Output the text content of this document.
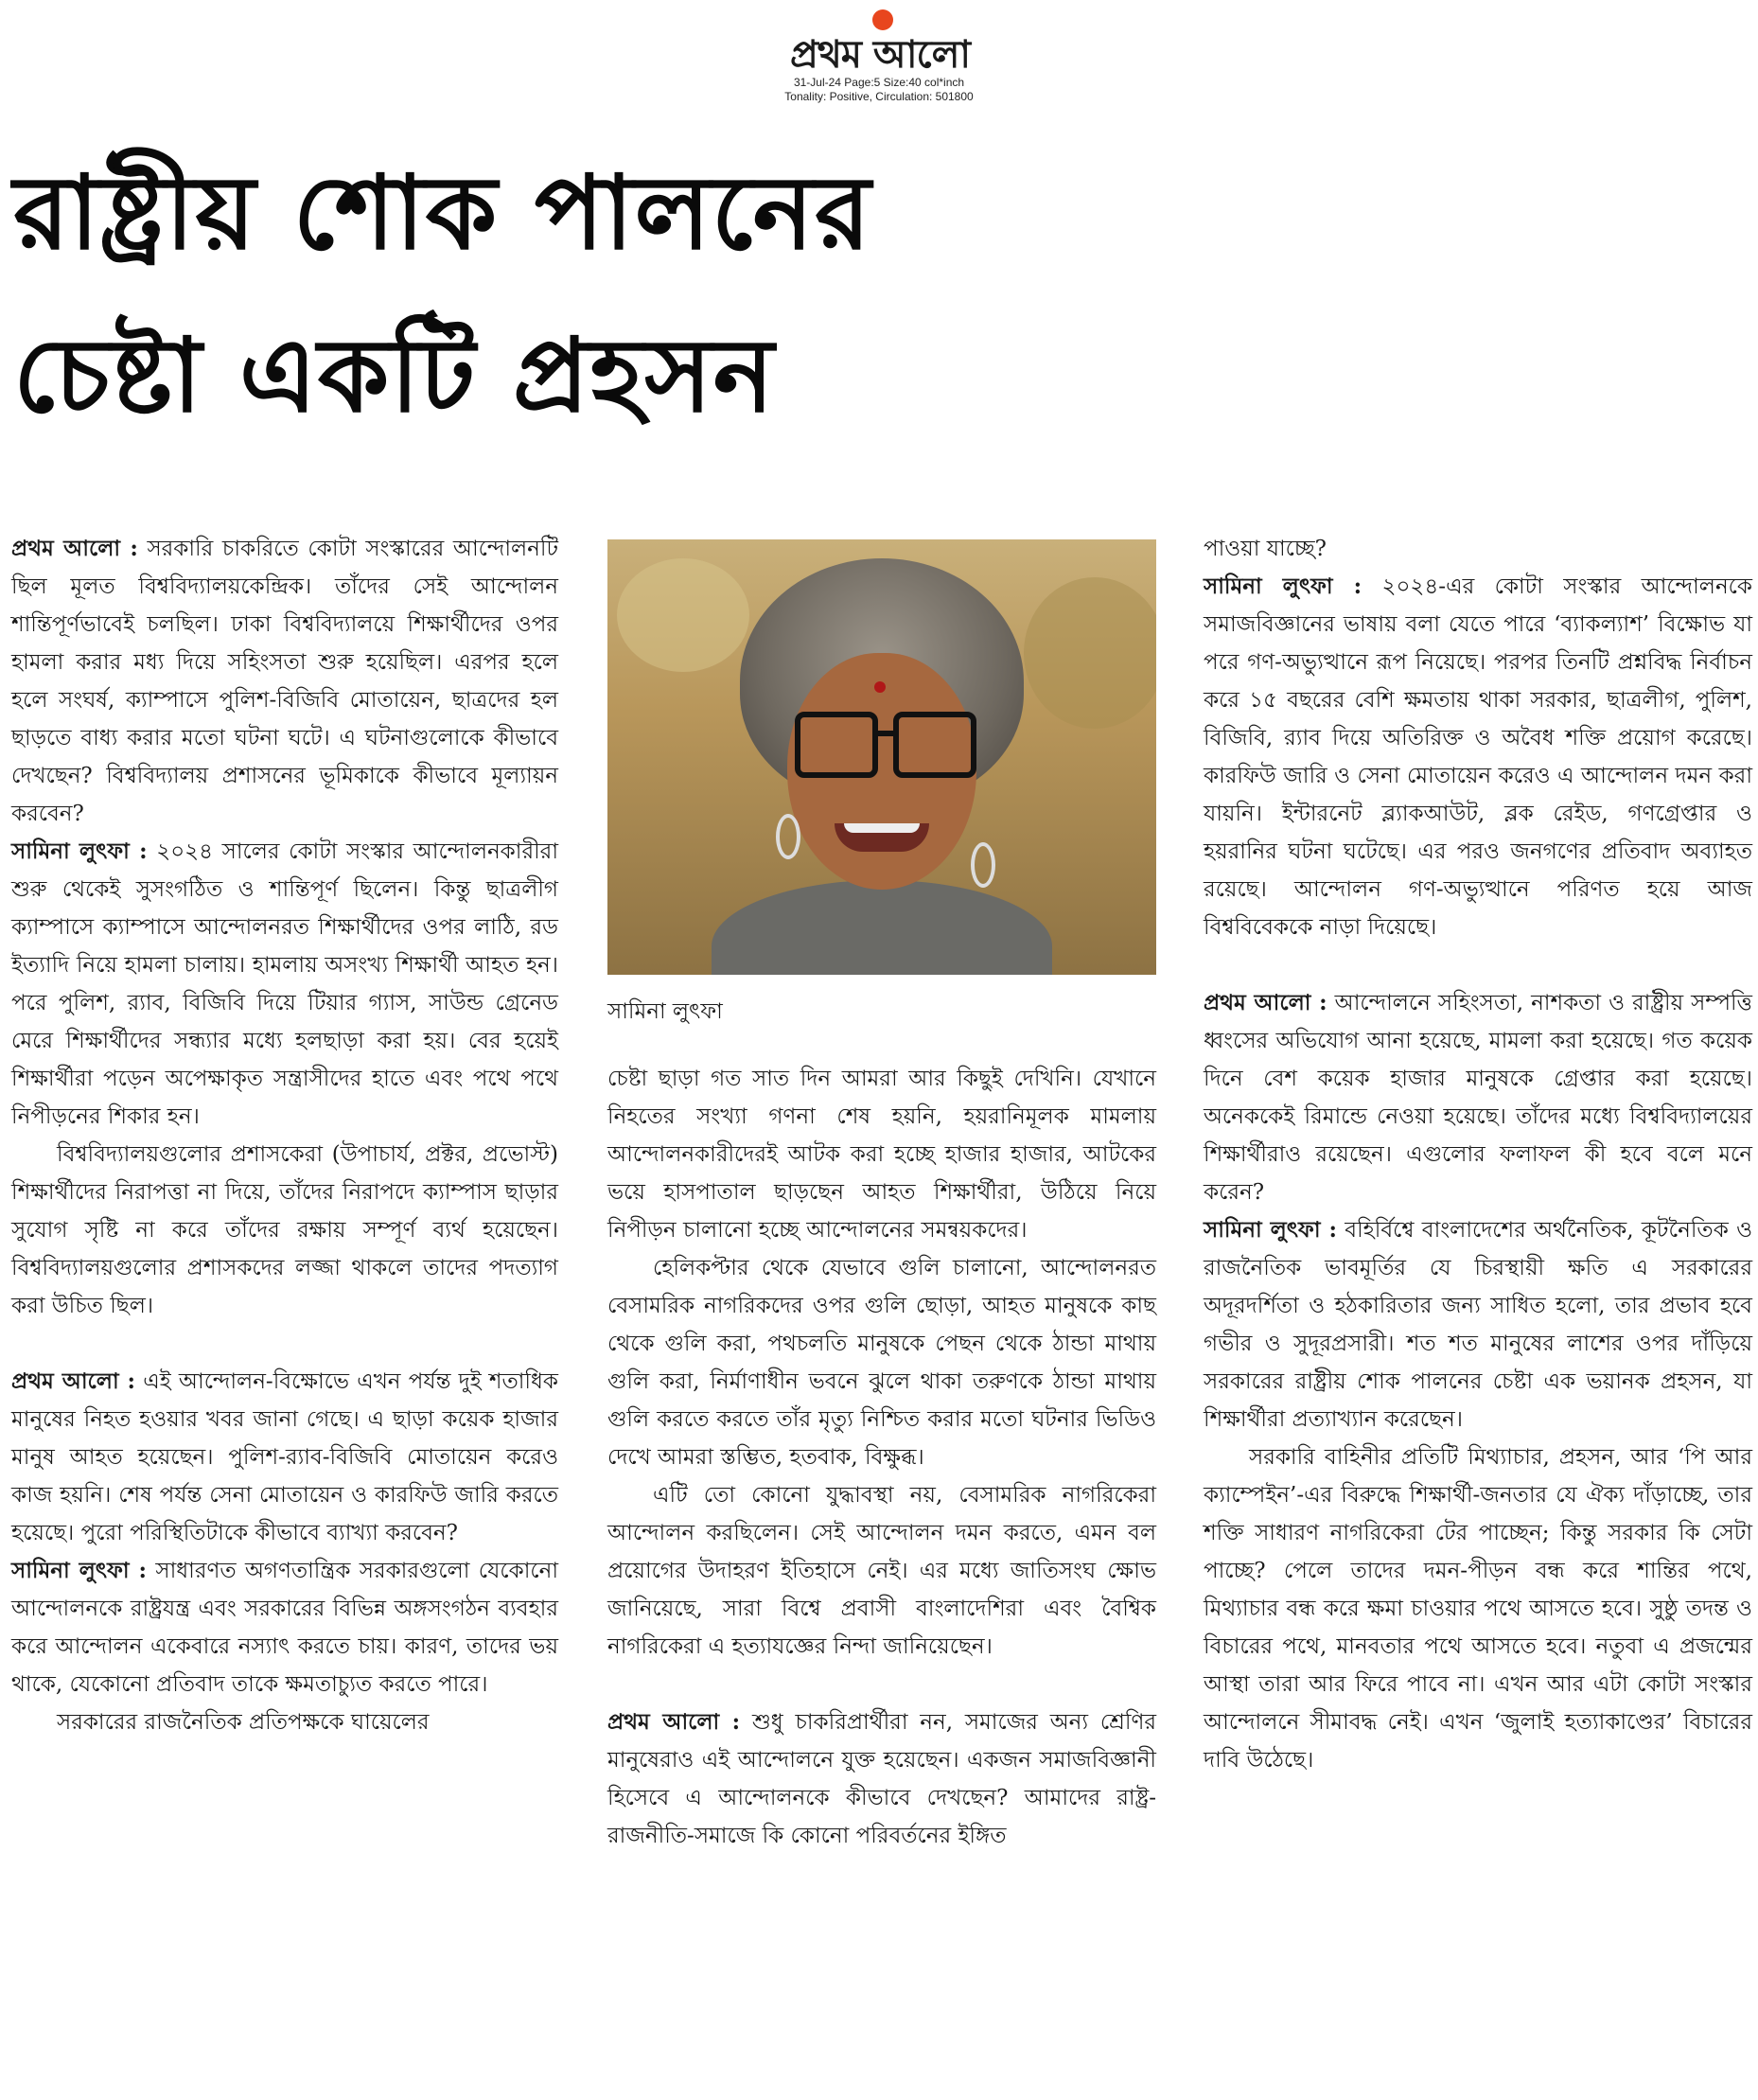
প্রথম আলো
31-Jul-24 Page:5 Size:40 col*inch
Tonality: Positive, Circulation: 501800
রাষ্ট্রীয় শোক পালনের
চেষ্টা একটি প্রহসন

প্রথম আলো : সরকারি চাকরিতে কোটা সংস্কারের আন্দোলনটি ছিল মূলত বিশ্ববিদ্যালয়কেন্দ্রিক। তাঁদের সেই আন্দোলন শান্তিপূর্ণভাবেই চলছিল। ঢাকা বিশ্ববিদ্যালয়ে শিক্ষার্থীদের ওপর হামলা করার মধ্য দিয়ে সহিংসতা শুরু হয়েছিল। এরপর হলে হলে সংঘর্ষ, ক্যাম্পাসে পুলিশ-বিজিবি মোতায়েন, ছাত্রদের হল ছাড়তে বাধ্য করার মতো ঘটনা ঘটে। এ ঘটনাগুলোকে কীভাবে দেখছেন? বিশ্ববিদ্যালয় প্রশাসনের ভূমিকাকে কীভাবে মূল্যায়ন করবেন?

সামিনা লুৎফা : ২০২৪ সালের কোটা সংস্কার আন্দোলনকারীরা শুরু থেকেই সুসংগঠিত ও শান্তিপূর্ণ ছিলেন। কিন্তু ছাত্রলীগ ক্যাম্পাসে ক্যাম্পাসে আন্দোলনরত শিক্ষার্থীদের ওপর লাঠি, রড ইত্যাদি নিয়ে হামলা চালায়। হামলায় অসংখ্য শিক্ষার্থী আহত হন। পরে পুলিশ, র‍্যাব, বিজিবি দিয়ে টিয়ার গ্যাস, সাউন্ড গ্রেনেড মেরে শিক্ষার্থীদের সন্ধ্যার মধ্যে হলছাড়া করা হয়। বের হয়েই শিক্ষার্থীরা পড়েন অপেক্ষাকৃত সন্ত্রাসীদের হাতে এবং পথে পথে নিপীড়নের শিকার হন।

বিশ্ববিদ্যালয়গুলোর প্রশাসকেরা (উপাচার্য, প্রক্টর, প্রভোস্ট) শিক্ষার্থীদের নিরাপত্তা না দিয়ে, তাঁদের নিরাপদে ক্যাম্পাস ছাড়ার সুযোগ সৃষ্টি না করে তাঁদের রক্ষায় সম্পূর্ণ ব্যর্থ হয়েছেন। বিশ্ববিদ্যালয়গুলোর প্রশাসকদের লজ্জা থাকলে তাদের পদত্যাগ করা উচিত ছিল।

প্রথম আলো : এই আন্দোলন-বিক্ষোভে এখন পর্যন্ত দুই শতাধিক মানুষের নিহত হওয়ার খবর জানা গেছে। এ ছাড়া কয়েক হাজার মানুষ আহত হয়েছেন। পুলিশ-র‍্যাব-বিজিবি মোতায়েন করেও কাজ হয়নি। শেষ পর্যন্ত সেনা মোতায়েন ও কারফিউ জারি করতে হয়েছে। পুরো পরিস্থিতিটাকে কীভাবে ব্যাখ্যা করবেন?

সামিনা লুৎফা : সাধারণত অগণতান্ত্রিক সরকারগুলো যেকোনো আন্দোলনকে রাষ্ট্রযন্ত্র এবং সরকারের বিভিন্ন অঙ্গসংগঠন ব্যবহার করে আন্দোলন একেবারে নস্যাৎ করতে চায়। কারণ, তাদের ভয় থাকে, যেকোনো প্রতিবাদ তাকে ক্ষমতাচ্যুত করতে পারে।

সরকারের রাজনৈতিক প্রতিপক্ষকে ঘায়েলের

সামিনা লুৎফা

চেষ্টা ছাড়া গত সাত দিন আমরা আর কিছুই দেখিনি। যেখানে নিহতের সংখ্যা গণনা শেষ হয়নি, হয়রানিমূলক মামলায় আন্দোলনকারীদেরই আটক করা হচ্ছে হাজার হাজার, আটকের ভয়ে হাসপাতাল ছাড়ছেন আহত শিক্ষার্থীরা, উঠিয়ে নিয়ে নিপীড়ন চালানো হচ্ছে আন্দোলনের সমন্বয়কদের।

হেলিকপ্টার থেকে যেভাবে গুলি চালানো, আন্দোলনরত বেসামরিক নাগরিকদের ওপর গুলি ছোড়া, আহত মানুষকে কাছ থেকে গুলি করা, পথচলতি মানুষকে পেছন থেকে ঠান্ডা মাথায় গুলি করা, নির্মাণাধীন ভবনে ঝুলে থাকা তরুণকে ঠান্ডা মাথায় গুলি করতে করতে তাঁর মৃত্যু নিশ্চিত করার মতো ঘটনার ভিডিও দেখে আমরা স্তম্ভিত, হতবাক, বিক্ষুব্ধ।

এটি তো কোনো যুদ্ধাবস্থা নয়, বেসামরিক নাগরিকেরা আন্দোলন করছিলেন। সেই আন্দোলন দমন করতে, এমন বল প্রয়োগের উদাহরণ ইতিহাসে নেই। এর মধ্যে জাতিসংঘ ক্ষোভ জানিয়েছে, সারা বিশ্বে প্রবাসী বাংলাদেশিরা এবং বৈশ্বিক নাগরিকেরা এ হত্যাযজ্ঞের নিন্দা জানিয়েছেন।

প্রথম আলো : শুধু চাকরিপ্রার্থীরা নন, সমাজের অন্য শ্রেণির মানুষেরাও এই আন্দোলনে যুক্ত হয়েছেন। একজন সমাজবিজ্ঞানী হিসেবে এ আন্দোলনকে কীভাবে দেখছেন? আমাদের রাষ্ট্র-রাজনীতি-সমাজে কি কোনো পরিবর্তনের ইঙ্গিত

পাওয়া যাচ্ছে?

সামিনা লুৎফা : ২০২৪-এর কোটা সংস্কার আন্দোলনকে সমাজবিজ্ঞানের ভাষায় বলা যেতে পারে ‘ব্যাকল্যাশ’ বিক্ষোভ যা পরে গণ-অভ্যুত্থানে রূপ নিয়েছে। পরপর তিনটি প্রশ্নবিদ্ধ নির্বাচন করে ১৫ বছরের বেশি ক্ষমতায় থাকা সরকার, ছাত্রলীগ, পুলিশ, বিজিবি, র‍্যাব দিয়ে অতিরিক্ত ও অবৈধ শক্তি প্রয়োগ করেছে। কারফিউ জারি ও সেনা মোতায়েন করেও এ আন্দোলন দমন করা যায়নি। ইন্টারনেট ব্ল্যাকআউট, ব্লক রেইড, গণগ্রেপ্তার ও হয়রানির ঘটনা ঘটেছে। এর পরও জনগণের প্রতিবাদ অব্যাহত রয়েছে। আন্দোলন গণ-অভ্যুত্থানে পরিণত হয়ে আজ বিশ্ববিবেককে নাড়া দিয়েছে।

প্রথম আলো : আন্দোলনে সহিংসতা, নাশকতা ও রাষ্ট্রীয় সম্পত্তি ধ্বংসের অভিযোগ আনা হয়েছে, মামলা করা হয়েছে। গত কয়েক দিনে বেশ কয়েক হাজার মানুষকে গ্রেপ্তার করা হয়েছে। অনেককেই রিমান্ডে নেওয়া হয়েছে। তাঁদের মধ্যে বিশ্ববিদ্যালয়ের শিক্ষার্থীরাও রয়েছেন। এগুলোর ফলাফল কী হবে বলে মনে করেন?

সামিনা লুৎফা : বহির্বিশ্বে বাংলাদেশের অর্থনৈতিক, কূটনৈতিক ও রাজনৈতিক ভাবমূর্তির যে চিরস্থায়ী ক্ষতি এ সরকারের অদূরদর্শিতা ও হঠকারিতার জন্য সাধিত হলো, তার প্রভাব হবে গভীর ও সুদূরপ্রসারী। শত শত মানুষের লাশের ওপর দাঁড়িয়ে সরকারের রাষ্ট্রীয় শোক পালনের চেষ্টা এক ভয়ানক প্রহসন, যা শিক্ষার্থীরা প্রত্যাখ্যান করেছেন।

সরকারি বাহিনীর প্রতিটি মিথ্যাচার, প্রহসন, আর ‘পি আর ক্যাম্পেইন’-এর বিরুদ্ধে শিক্ষার্থী-জনতার যে ঐক্য দাঁড়াচ্ছে, তার শক্তি সাধারণ নাগরিকেরা টের পাচ্ছেন; কিন্তু সরকার কি সেটা পাচ্ছে? পেলে তাদের দমন-পীড়ন বন্ধ করে শান্তির পথে, মিথ্যাচার বন্ধ করে ক্ষমা চাওয়ার পথে আসতে হবে। সুষ্ঠু তদন্ত ও বিচারের পথে, মানবতার পথে আসতে হবে। নতুবা এ প্রজন্মের আস্থা তারা আর ফিরে পাবে না। এখন আর এটা কোটা সংস্কার আন্দোলনে সীমাবদ্ধ নেই। এখন ‘জুলাই হত্যাকাণ্ডের’ বিচারের দাবি উঠেছে।
